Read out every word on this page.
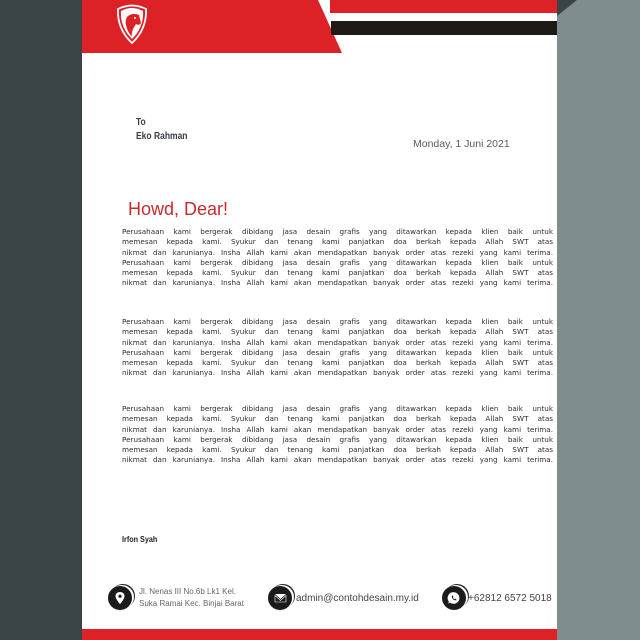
To
Eko Rahman
Monday, 1 Juni 2021
Howd, Dear!

Perusahaan kami bergerak dibidang jasa desain grafis yang ditawarkan kepada klien baik untuk

memesan kepada kami. Syukur dan tenang kami panjatkan doa berkah kepada Allah SWT atas

nikmat dan karunianya. Insha Allah kami akan mendapatkan banyak order atas rezeki yang kami terima.

Perusahaan kami bergerak dibidang jasa desain grafis yang ditawarkan kepada klien baik untuk

memesan kepada kami. Syukur dan tenang kami panjatkan doa berkah kepada Allah SWT atas

nikmat dan karunianya. Insha Allah kami akan mendapatkan banyak order atas rezeki yang kami terima.

Perusahaan kami bergerak dibidang jasa desain grafis yang ditawarkan kepada klien baik untuk

memesan kepada kami. Syukur dan tenang kami panjatkan doa berkah kepada Allah SWT atas

nikmat dan karunianya. Insha Allah kami akan mendapatkan banyak order atas rezeki yang kami terima.

Perusahaan kami bergerak dibidang jasa desain grafis yang ditawarkan kepada klien baik untuk

memesan kepada kami. Syukur dan tenang kami panjatkan doa berkah kepada Allah SWT atas

nikmat dan karunianya. Insha Allah kami akan mendapatkan banyak order atas rezeki yang kami terima.

Perusahaan kami bergerak dibidang jasa desain grafis yang ditawarkan kepada klien baik untuk

memesan kepada kami. Syukur dan tenang kami panjatkan doa berkah kepada Allah SWT atas

nikmat dan karunianya. Insha Allah kami akan mendapatkan banyak order atas rezeki yang kami terima.

Perusahaan kami bergerak dibidang jasa desain grafis yang ditawarkan kepada klien baik untuk

memesan kepada kami. Syukur dan tenang kami panjatkan doa berkah kepada Allah SWT atas

nikmat dan karunianya. Insha Allah kami akan mendapatkan banyak order atas rezeki yang kami terima.

Irfon Syah
Jl. Nenas III No.6b Lk1 Kel.
Suka Ramai Kec. Binjai Barat	admin@contohdesain.my.id	+62812 6572 5018
